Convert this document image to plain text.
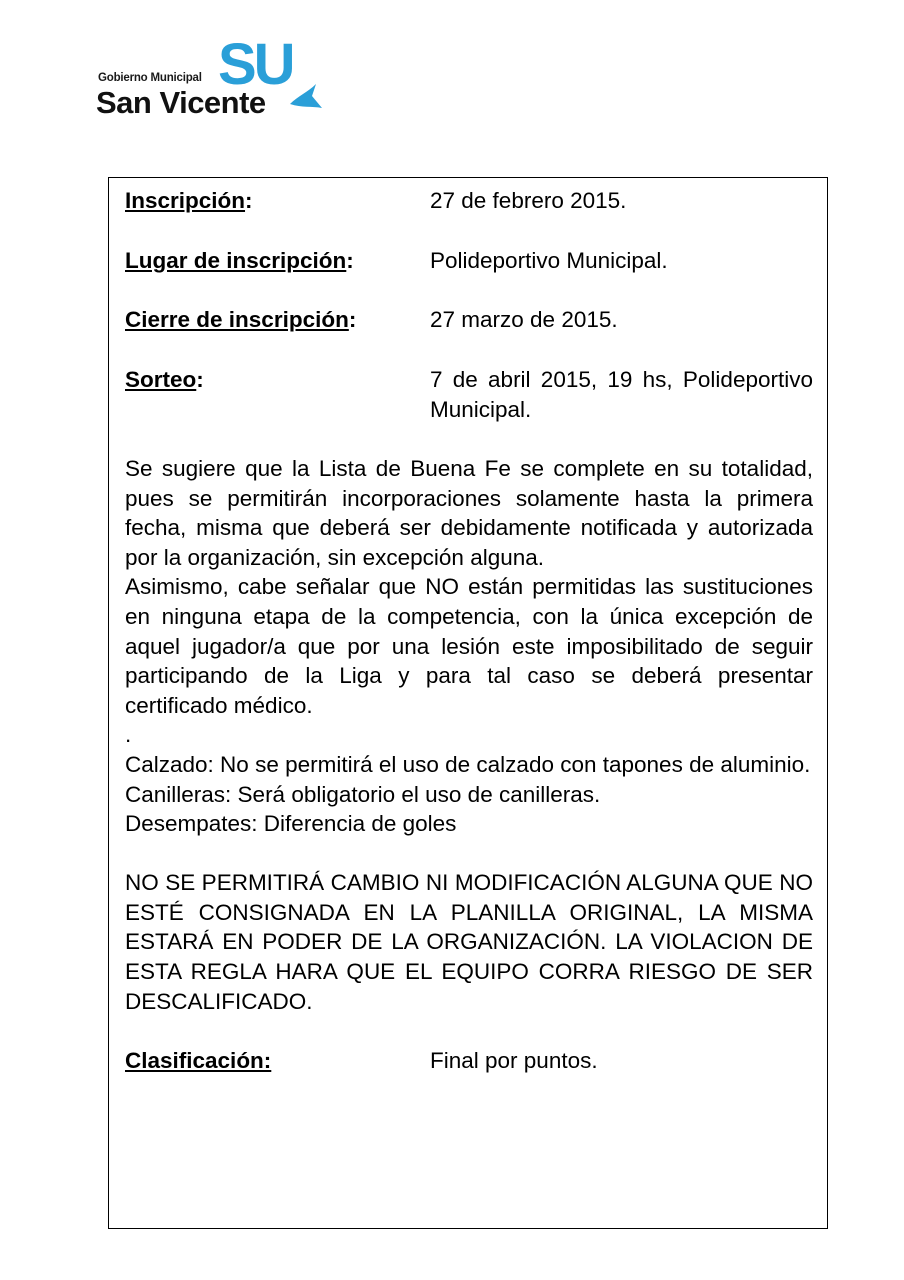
Gobierno Municipal SU
San Vicente
Inscripción:	27 de febrero 2015.
Lugar de inscripción:	Polideportivo Municipal.
Cierre de inscripción:	27 marzo de 2015.
Sorteo:	7 de abril 2015, 19 hs, Polideportivo Municipal.

Se sugiere que la Lista de Buena Fe se complete en su totalidad, pues se permitirán incorporaciones solamente hasta la primera fecha, misma que deberá ser debidamente notificada y autorizada por la organización, sin excepción alguna.

Asimismo, cabe señalar que NO están permitidas las sustituciones en ninguna etapa de la competencia, con la única excepción de aquel jugador/a que por una lesión este imposibilitado de seguir participando de la Liga y para tal caso se deberá presentar certificado médico.

.

Calzado: No se permitirá el uso de calzado con tapones de aluminio.

Canilleras: Será obligatorio el uso de canilleras.

Desempates: Diferencia de goles

NO SE PERMITIRÁ CAMBIO NI MODIFICACIÓN ALGUNA QUE NO ESTÉ CONSIGNADA EN LA PLANILLA ORIGINAL, LA MISMA ESTARÁ EN PODER DE LA ORGANIZACIÓN. LA VIOLACION DE ESTA REGLA HARA QUE EL EQUIPO CORRA RIESGO DE SER DESCALIFICADO.

Clasificación:	Final por puntos.
